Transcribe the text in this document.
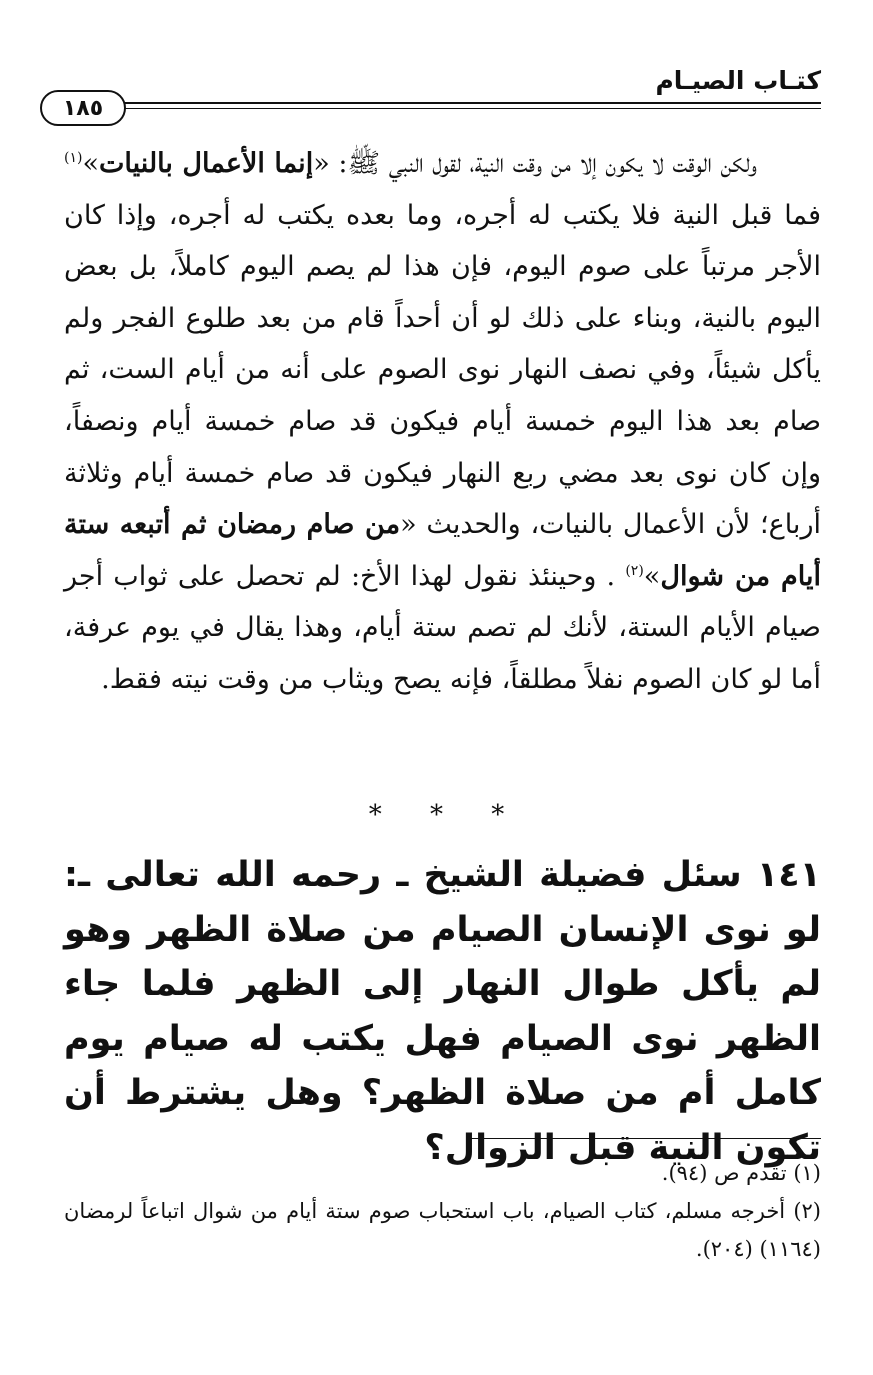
كتـاب الصيـام
١٨٥

ولكن الوقت لا يكون إلا من وقت النية، لقول النبي ﷺ: «إنما الأعمال بالنيات»$^{(١)}$ فما قبل النية فلا يكتب له أجره، وما بعده يكتب له أجره، وإذا كان الأجر مرتباً على صوم اليوم، فإن هذا لم يصم اليوم كاملاً، بل بعض اليوم بالنية، وبناء على ذلك لو أن أحداً قام من بعد طلوع الفجر ولم يأكل شيئاً، وفي نصف النهار نوى الصوم على أنه من أيام الست، ثم صام بعد هذا اليوم خمسة أيام فيكون قد صام خمسة أيام ونصفاً، وإن كان نوى بعد مضي ربع النهار فيكون قد صام خمسة أيام وثلاثة أرباع؛ لأن الأعمال بالنيات، والحديث «من صام رمضان ثم أتبعه ستة أيام من شوال»$^{(٢)}$ . وحينئذ نقول لهذا الأخ: لم تحصل على ثواب أجر صيام الأيام الستة، لأنك لم تصم ستة أيام، وهذا يقال في يوم عرفة، أما لو كان الصوم نفلاً مطلقاً، فإنه يصح ويثاب من وقت نيته فقط.

* * *

١٤١ سئل فضيلة الشيخ ـ رحمه الله تعالى ـ: لو نوى الإنسان الصيام من صلاة الظهر وهو لم يأكل طوال النهار إلى الظهر فلما جاء الظهر نوى الصيام فهل يكتب له صيام يوم كامل أم من صلاة الظهر؟ وهل يشترط أن تكون النية قبل الزوال؟

(١) تقدم ص (٩٤).

(٢) أخرجه مسلم، كتاب الصيام، باب استحباب صوم ستة أيام من شوال اتباعاً لرمضان (١١٦٤) (٢٠٤).
